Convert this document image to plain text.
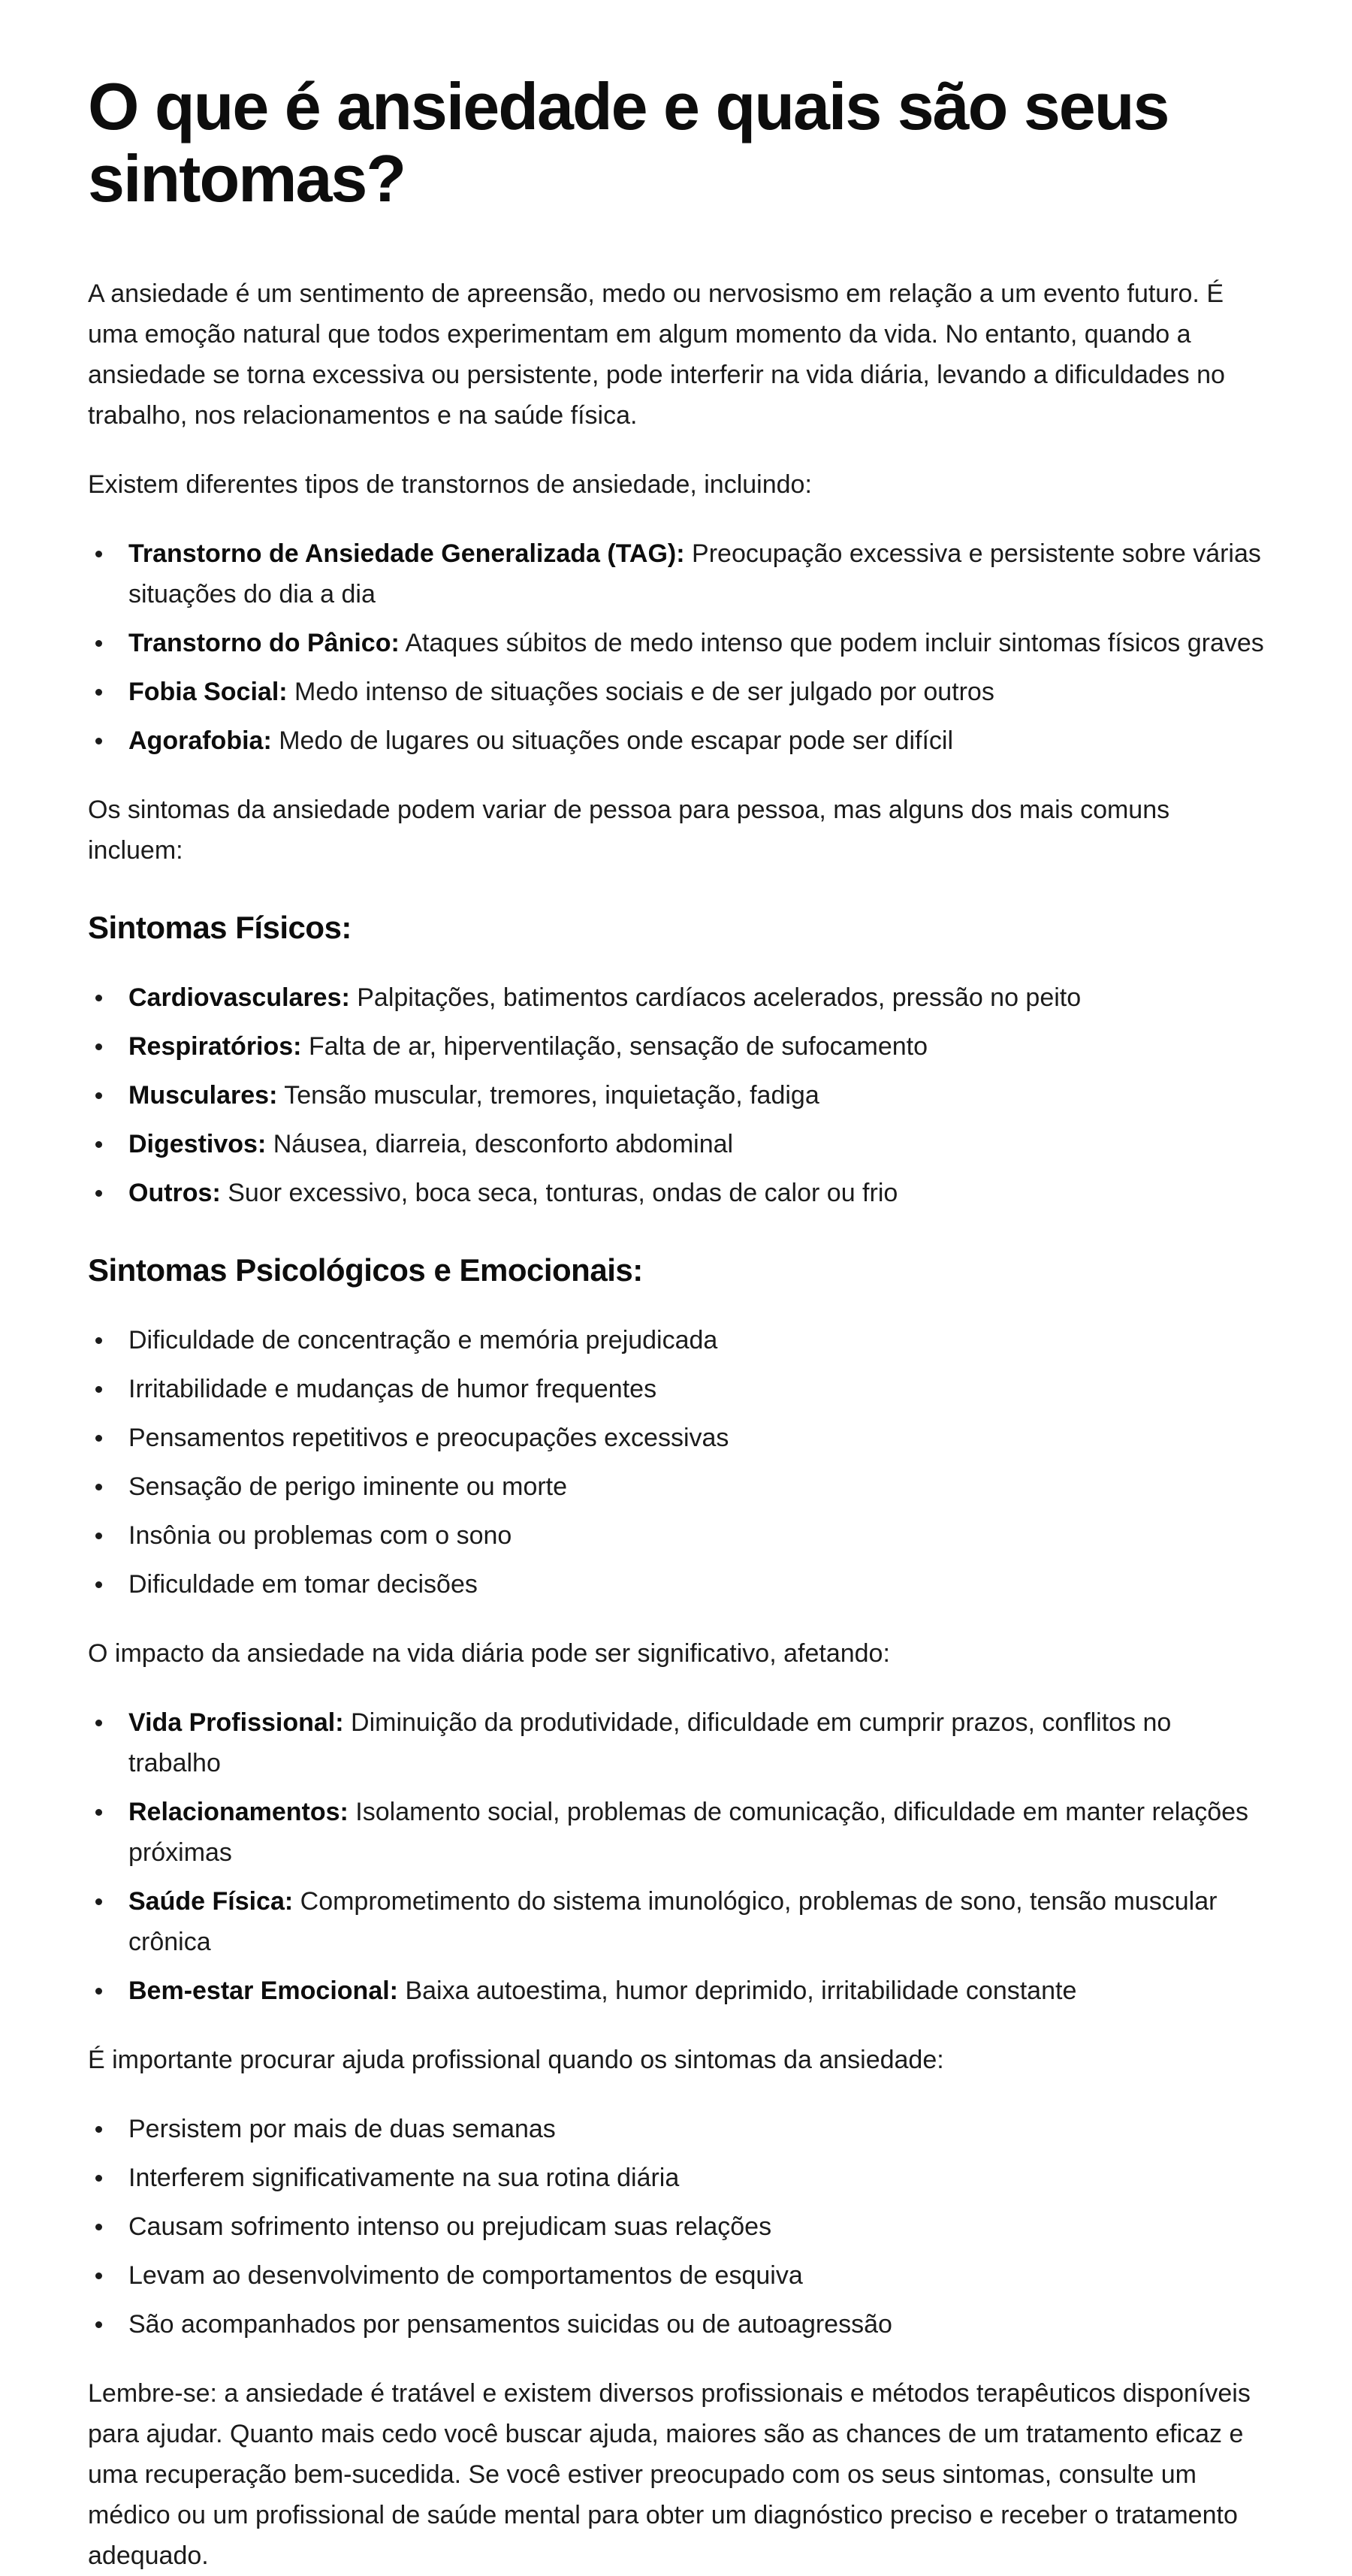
O que é ansiedade e quais são seus sintomas?

A ansiedade é um sentimento de apreensão, medo ou nervosismo em relação a um evento futuro. É uma emoção natural que todos experimentam em algum momento da vida. No entanto, quando a ansiedade se torna excessiva ou persistente, pode interferir na vida diária, levando a dificuldades no trabalho, nos relacionamentos e na saúde física.

Existem diferentes tipos de transtornos de ansiedade, incluindo:

Transtorno de Ansiedade Generalizada (TAG): Preocupação excessiva e persistente sobre várias situações do dia a dia
Transtorno do Pânico: Ataques súbitos de medo intenso que podem incluir sintomas físicos graves
Fobia Social: Medo intenso de situações sociais e de ser julgado por outros
Agorafobia: Medo de lugares ou situações onde escapar pode ser difícil

Os sintomas da ansiedade podem variar de pessoa para pessoa, mas alguns dos mais comuns incluem:

Sintomas Físicos:
Cardiovasculares: Palpitações, batimentos cardíacos acelerados, pressão no peito
Respiratórios: Falta de ar, hiperventilação, sensação de sufocamento
Musculares: Tensão muscular, tremores, inquietação, fadiga
Digestivos: Náusea, diarreia, desconforto abdominal
Outros: Suor excessivo, boca seca, tonturas, ondas de calor ou frio
Sintomas Psicológicos e Emocionais:
Dificuldade de concentração e memória prejudicada
Irritabilidade e mudanças de humor frequentes
Pensamentos repetitivos e preocupações excessivas
Sensação de perigo iminente ou morte
Insônia ou problemas com o sono
Dificuldade em tomar decisões

O impacto da ansiedade na vida diária pode ser significativo, afetando:

Vida Profissional: Diminuição da produtividade, dificuldade em cumprir prazos, conflitos no trabalho
Relacionamentos: Isolamento social, problemas de comunicação, dificuldade em manter relações próximas
Saúde Física: Comprometimento do sistema imunológico, problemas de sono, tensão muscular crônica
Bem-estar Emocional: Baixa autoestima, humor deprimido, irritabilidade constante

É importante procurar ajuda profissional quando os sintomas da ansiedade:

Persistem por mais de duas semanas
Interferem significativamente na sua rotina diária
Causam sofrimento intenso ou prejudicam suas relações
Levam ao desenvolvimento de comportamentos de esquiva
São acompanhados por pensamentos suicidas ou de autoagressão

Lembre-se: a ansiedade é tratável e existem diversos profissionais e métodos terapêuticos disponíveis para ajudar. Quanto mais cedo você buscar ajuda, maiores são as chances de um tratamento eficaz e uma recuperação bem-sucedida. Se você estiver preocupado com os seus sintomas, consulte um médico ou um profissional de saúde mental para obter um diagnóstico preciso e receber o tratamento adequado.
